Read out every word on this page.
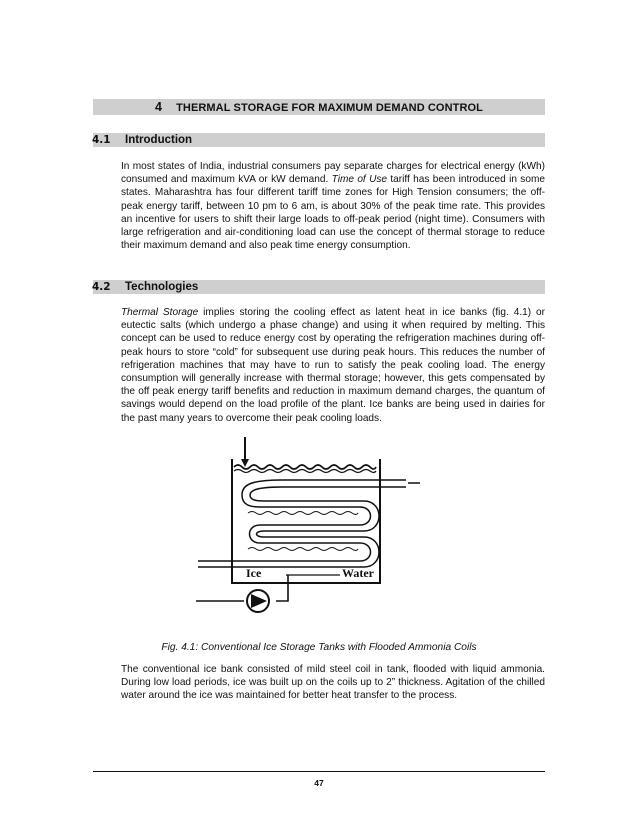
4 THERMAL STORAGE FOR MAXIMUM DEMAND CONTROL
4.1 Introduction
In most states of India, industrial consumers pay separate charges for electrical energy (kWh) consumed and maximum kVA or kW demand. Time of Use tariff has been introduced in some states. Maharashtra has four different tariff time zones for High Tension consumers; the off-peak energy tariff, between 10 pm to 6 am, is about 30% of the peak time rate. This provides an incentive for users to shift their large loads to off-peak period (night time). Consumers with large refrigeration and air-conditioning load can use the concept of thermal storage to reduce their maximum demand and also peak time energy consumption.
4.2 Technologies
Thermal Storage implies storing the cooling effect as latent heat in ice banks (fig. 4.1) or eutectic salts (which undergo a phase change) and using it when required by melting. This concept can be used to reduce energy cost by operating the refrigeration machines during off-peak hours to store “cold” for subsequent use during peak hours. This reduces the number of refrigeration machines that may have to run to satisfy the peak cooling load. The energy consumption will generally increase with thermal storage; however, this gets compensated by the off peak energy tariff benefits and reduction in maximum demand charges, the quantum of savings would depend on the load profile of the plant. Ice banks are being used in dairies for the past many years to overcome their peak cooling loads.
Ice	Water
Fig. 4.1: Conventional Ice Storage Tanks with Flooded Ammonia Coils
The conventional ice bank consisted of mild steel coil in tank, flooded with liquid ammonia. During low load periods, ice was built up on the coils up to 2” thickness. Agitation of the chilled water around the ice was maintained for better heat transfer to the process.
47
